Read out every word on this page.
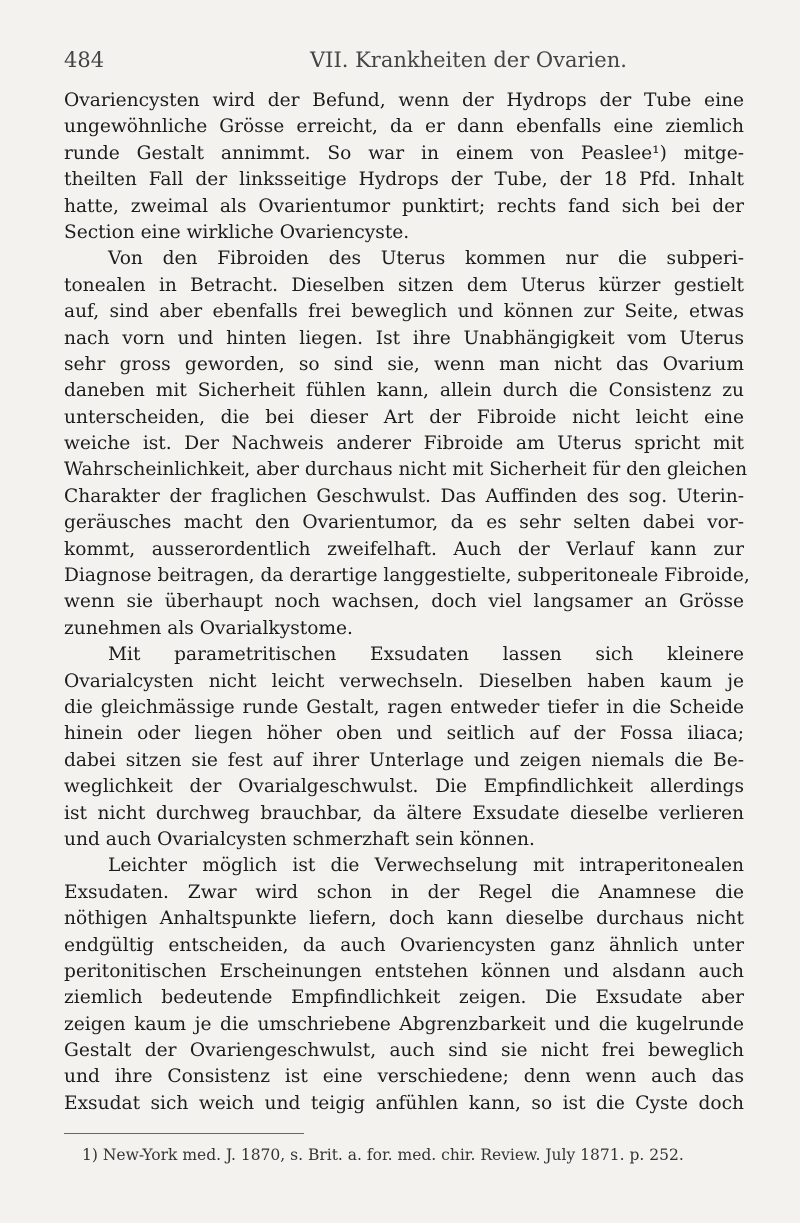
484	VII. Krankheiten der Ovarien.
Ovariencysten wird der Befund, wenn der Hydrops der Tube eine
ungewöhnliche Grösse erreicht, da er dann ebenfalls eine ziemlich
runde Gestalt annimmt. So war in einem von Peaslee¹) mitge-
theilten Fall der linksseitige Hydrops der Tube, der 18 Pfd. Inhalt
hatte, zweimal als Ovarientumor punktirt; rechts fand sich bei der
Section eine wirkliche Ovariencyste.
Von den Fibroiden des Uterus kommen nur die subperi-
tonealen in Betracht. Dieselben sitzen dem Uterus kürzer gestielt
auf, sind aber ebenfalls frei beweglich und können zur Seite, etwas
nach vorn und hinten liegen. Ist ihre Unabhängigkeit vom Uterus
sehr gross geworden, so sind sie, wenn man nicht das Ovarium
daneben mit Sicherheit fühlen kann, allein durch die Consistenz zu
unterscheiden, die bei dieser Art der Fibroide nicht leicht eine
weiche ist. Der Nachweis anderer Fibroide am Uterus spricht mit
Wahrscheinlichkeit, aber durchaus nicht mit Sicherheit für den gleichen
Charakter der fraglichen Geschwulst. Das Auffinden des sog. Uterin-
geräusches macht den Ovarientumor, da es sehr selten dabei vor-
kommt, ausserordentlich zweifelhaft. Auch der Verlauf kann zur
Diagnose beitragen, da derartige langgestielte, subperitoneale Fibroide,
wenn sie überhaupt noch wachsen, doch viel langsamer an Grösse
zunehmen als Ovarialkystome.
Mit parametritischen Exsudaten lassen sich kleinere
Ovarialcysten nicht leicht verwechseln. Dieselben haben kaum je
die gleichmässige runde Gestalt, ragen entweder tiefer in die Scheide
hinein oder liegen höher oben und seitlich auf der Fossa iliaca;
dabei sitzen sie fest auf ihrer Unterlage und zeigen niemals die Be-
weglichkeit der Ovarialgeschwulst. Die Empfindlichkeit allerdings
ist nicht durchweg brauchbar, da ältere Exsudate dieselbe verlieren
und auch Ovarialcysten schmerzhaft sein können.
Leichter möglich ist die Verwechselung mit intraperitonealen
Exsudaten. Zwar wird schon in der Regel die Anamnese die
nöthigen Anhaltspunkte liefern, doch kann dieselbe durchaus nicht
endgültig entscheiden, da auch Ovariencysten ganz ähnlich unter
peritonitischen Erscheinungen entstehen können und alsdann auch
ziemlich bedeutende Empfindlichkeit zeigen. Die Exsudate aber
zeigen kaum je die umschriebene Abgrenzbarkeit und die kugelrunde
Gestalt der Ovariengeschwulst, auch sind sie nicht frei beweglich
und ihre Consistenz ist eine verschiedene; denn wenn auch das
Exsudat sich weich und teigig anfühlen kann, so ist die Cyste doch
1) New-York med. J. 1870, s. Brit. a. for. med. chir. Review. July 1871. p. 252.
